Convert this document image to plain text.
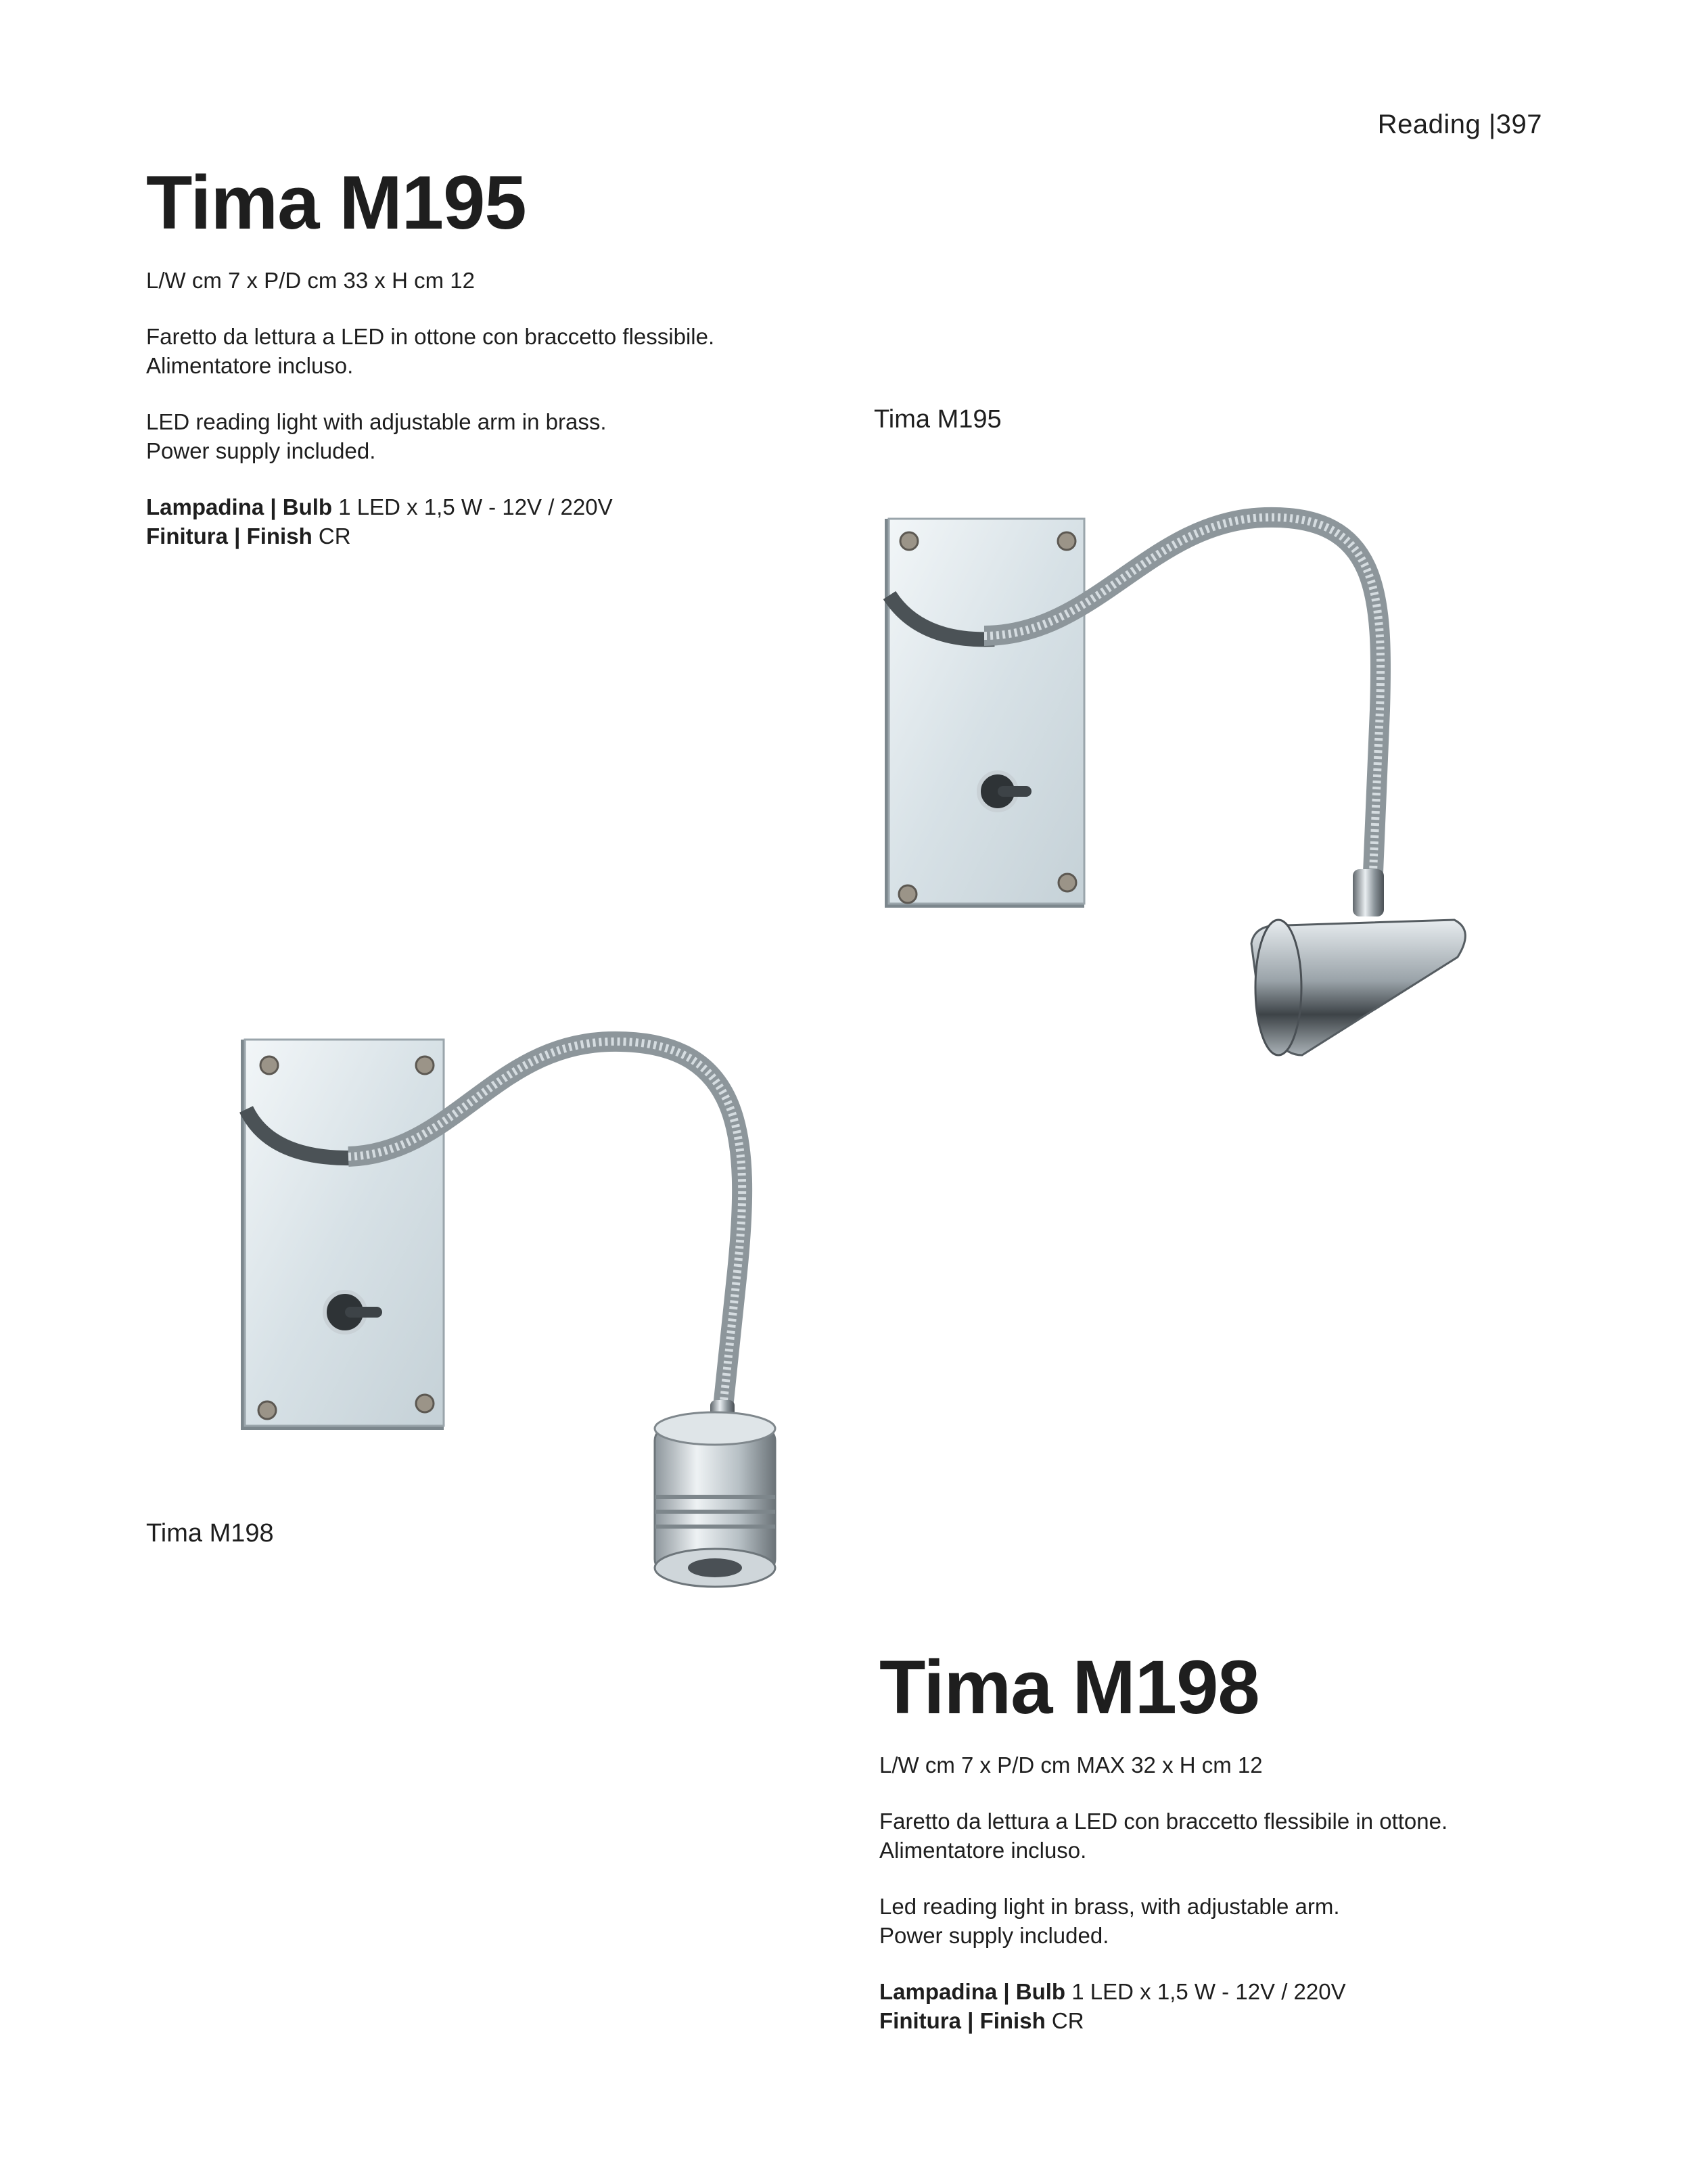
Reading |397
Tima M195

L/W cm 7 x P/D cm 33 x H cm 12

Faretto da lettura a LED in ottone con braccetto flessibile.

Alimentatore incluso.

LED reading light with adjustable arm in brass.

Power supply included.

Lampadina | Bulb 1 LED x 1,5 W - 12V / 220V

Finitura | Finish CR

Tima M195
Tima M198
Tima M198

L/W cm 7 x P/D cm MAX 32 x H cm 12

Faretto da lettura a LED con braccetto flessibile in ottone.

Alimentatore incluso.

Led reading light in brass, with adjustable arm.

Power supply included.

Lampadina | Bulb 1 LED x 1,5 W - 12V / 220V

Finitura | Finish CR
